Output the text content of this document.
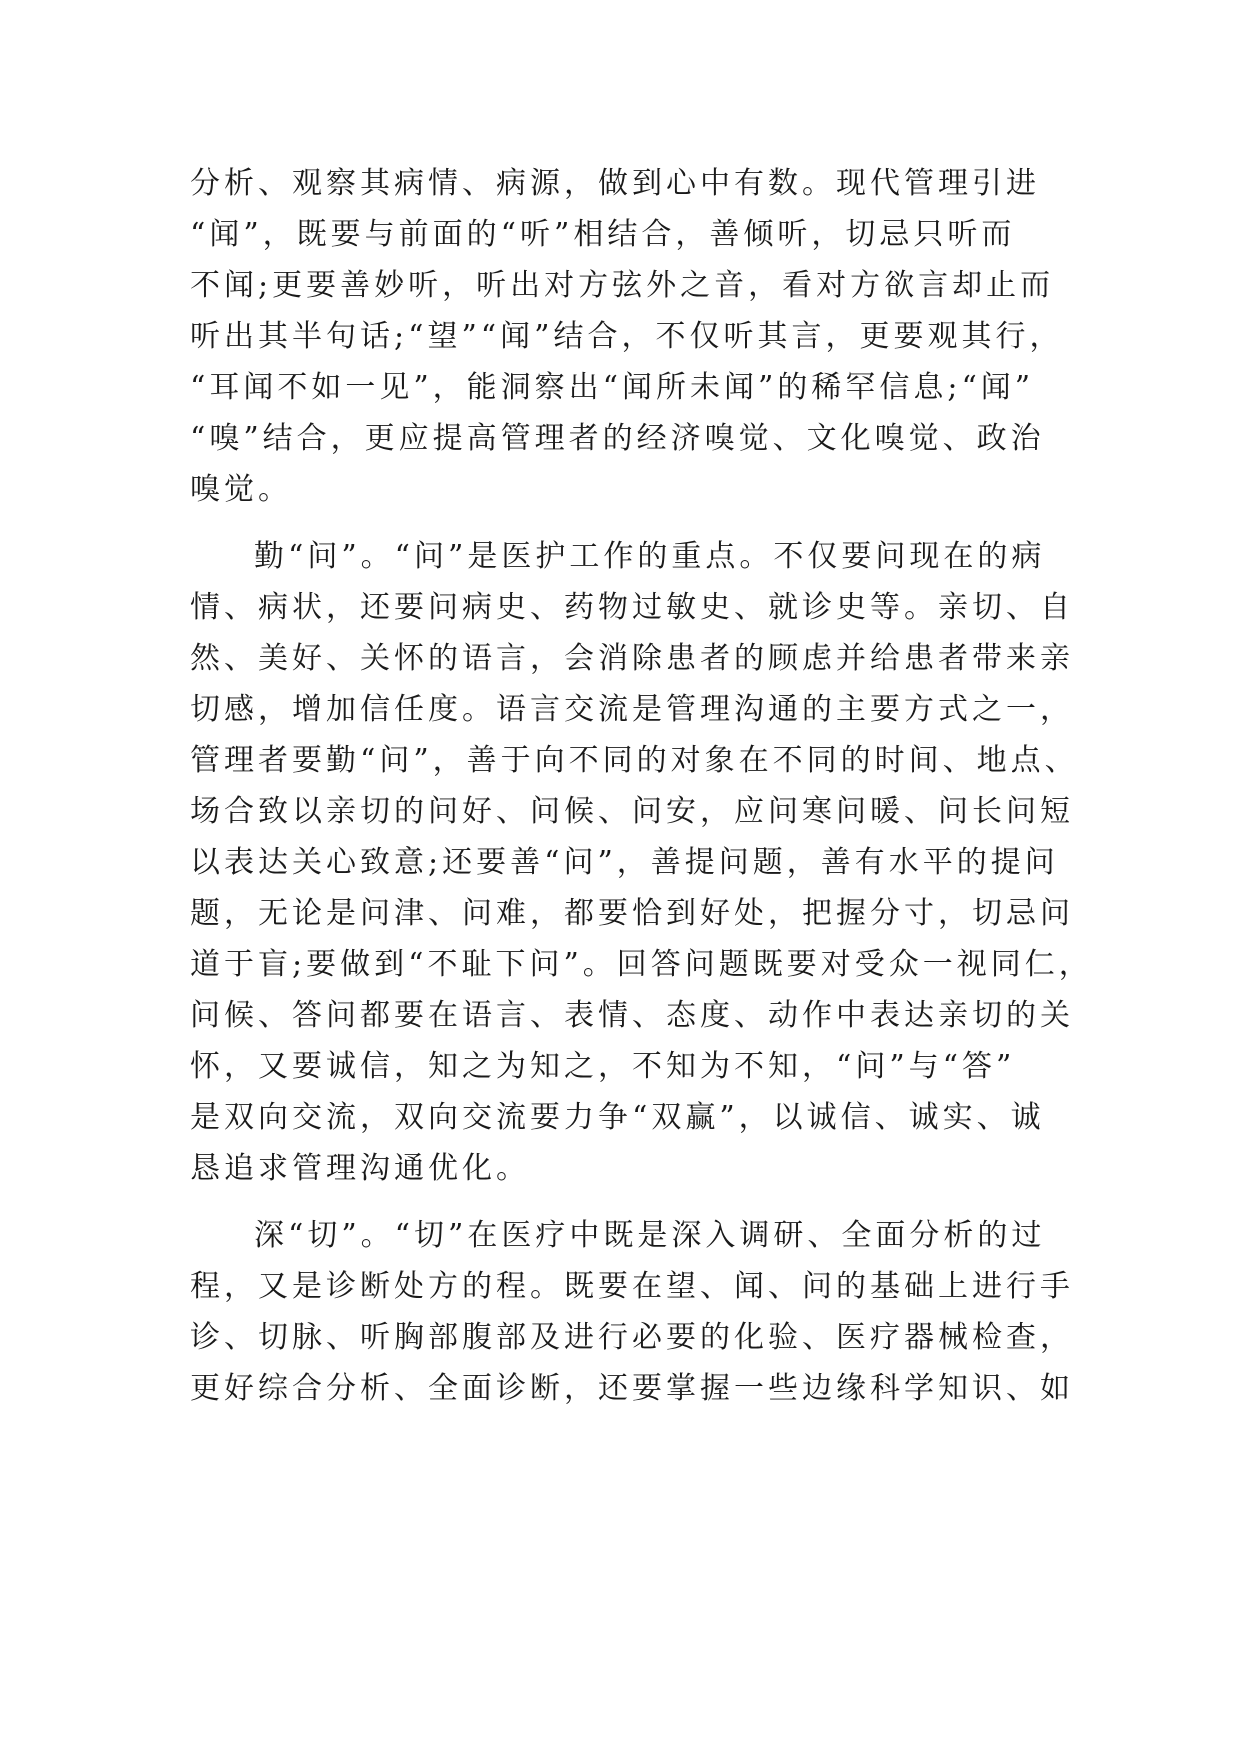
分析、观察其病情、病源，做到心中有数。现代管理引进
“闻”，既要与前面的“听”相结合，善倾听，切忌只听而
不闻;更要善妙听，听出对方弦外之音，看对方欲言却止而
听出其半句话;“望”“闻”结合，不仅听其言，更要观其行，
“耳闻不如一见”，能洞察出“闻所未闻”的稀罕信息;“闻”
“嗅”结合，更应提高管理者的经济嗅觉、文化嗅觉、政治
嗅觉。
勤“问”。“问”是医护工作的重点。不仅要问现在的病
情、病状，还要问病史、药物过敏史、就诊史等。亲切、自
然、美好、关怀的语言，会消除患者的顾虑并给患者带来亲
切感，增加信任度。语言交流是管理沟通的主要方式之一，
管理者要勤“问”，善于向不同的对象在不同的时间、地点、
场合致以亲切的问好、问候、问安，应问寒问暖、问长问短
以表达关心致意;还要善“问”，善提问题，善有水平的提问
题，无论是问津、问难，都要恰到好处，把握分寸，切忌问
道于盲;要做到“不耻下问”。回答问题既要对受众一视同仁，
问候、答问都要在语言、表情、态度、动作中表达亲切的关
怀，又要诚信，知之为知之，不知为不知，“问”与“答”
是双向交流，双向交流要力争“双赢”，以诚信、诚实、诚
恳追求管理沟通优化。
深“切”。“切”在医疗中既是深入调研、全面分析的过
程，又是诊断处方的程。既要在望、闻、问的基础上进行手
诊、切脉、听胸部腹部及进行必要的化验、医疗器械检查，
更好综合分析、全面诊断，还要掌握一些边缘科学知识、如
